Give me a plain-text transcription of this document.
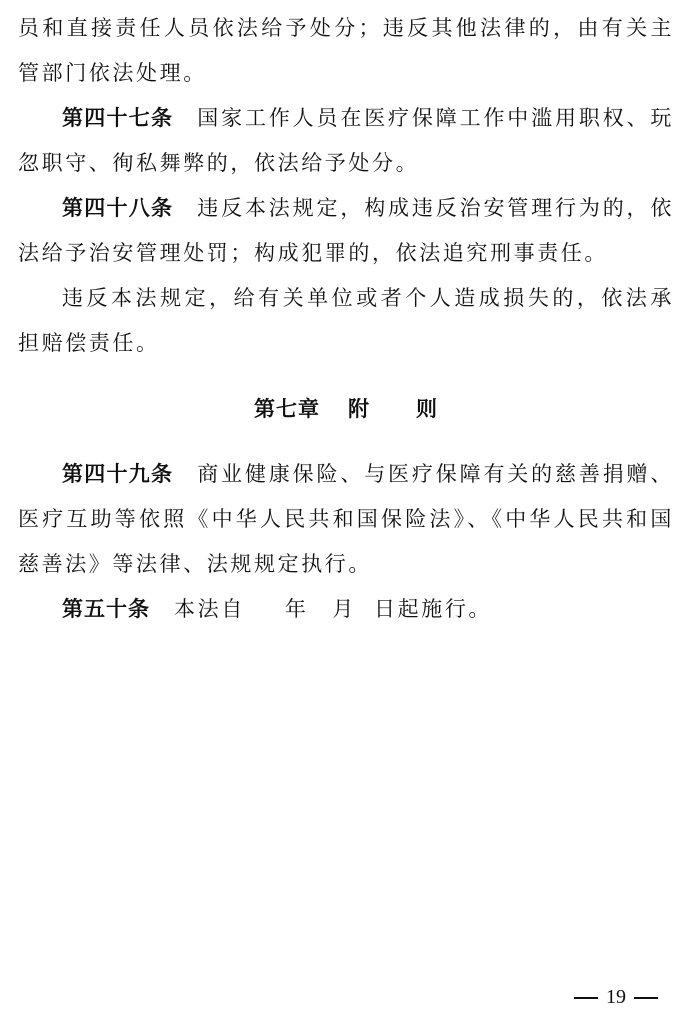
员和直接责任人员依法给予处分；违反其他法律的，由有关主管部门依法处理。

第四十七条 国家工作人员在医疗保障工作中滥用职权、玩忽职守、徇私舞弊的，依法给予处分。

第四十八条 违反本法规定，构成违反治安管理行为的，依法给予治安管理处罚；构成犯罪的，依法追究刑事责任。

违反本法规定，给有关单位或者个人造成损失的，依法承担赔偿责任。

第七章 附 则

第四十九条 商业健康保险、与医疗保障有关的慈善捐赠、医疗互助等依照《中华人民共和国保险法》、《中华人民共和国慈善法》等法律、法规规定执行。

第五十条 本法自 年 月 日起施行。

19
